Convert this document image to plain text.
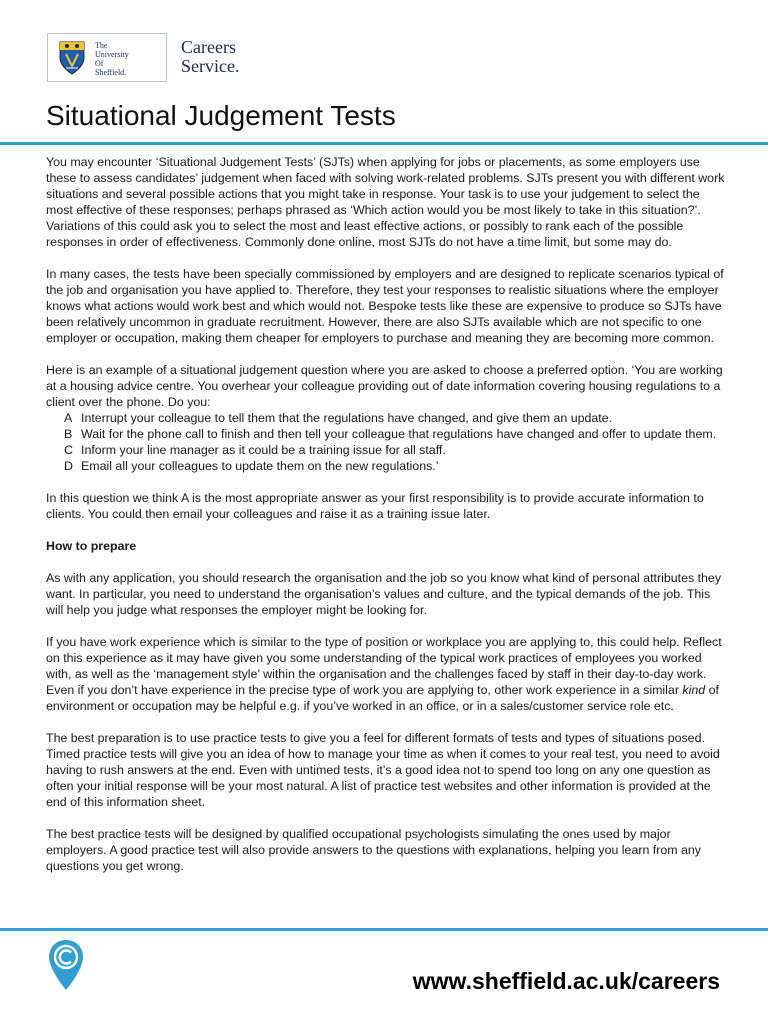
The
University
Of
Sheffield.
Careers
Service.
Situational Judgement Tests

You may encounter ‘Situational Judgement Tests’ (SJTs) when applying for jobs or placements, as some employers use these to assess candidates’ judgement when faced with solving work-related problems. SJTs present you with different work situations and several possible actions that you might take in response. Your task is to use your judgement to select the most effective of these responses; perhaps phrased as ‘Which action would you be most likely to take in this situation?’. Variations of this could ask you to select the most and least effective actions, or possibly to rank each of the possible responses in order of effectiveness. Commonly done online, most SJTs do not have a time limit, but some may do.

In many cases, the tests have been specially commissioned by employers and are designed to replicate scenarios typical of the job and organisation you have applied to. Therefore, they test your responses to realistic situations where the employer knows what actions would work best and which would not. Bespoke tests like these are expensive to produce so SJTs have been relatively uncommon in graduate recruitment. However, there are also SJTs available which are not specific to one employer or occupation, making them cheaper for employers to purchase and meaning they are becoming more common.

Here is an example of a situational judgement question where you are asked to choose a preferred option. ‘You are working at a housing advice centre. You overhear your colleague providing out of date information covering housing regulations to a client over the phone. Do you:

A Interrupt your colleague to tell them that the regulations have changed, and give them an update.
B Wait for the phone call to finish and then tell your colleague that regulations have changed and offer to update them.
C Inform your line manager as it could be a training issue for all staff.
D Email all your colleagues to update them on the new regulations.’

In this question we think A is the most appropriate answer as your first responsibility is to provide accurate information to clients. You could then email your colleagues and raise it as a training issue later.

How to prepare

As with any application, you should research the organisation and the job so you know what kind of personal attributes they want. In particular, you need to understand the organisation’s values and culture, and the typical demands of the job. This will help you judge what responses the employer might be looking for.

If you have work experience which is similar to the type of position or workplace you are applying to, this could help. Reflect on this experience as it may have given you some understanding of the typical work practices of employees you worked with, as well as the ‘management style’ within the organisation and the challenges faced by staff in their day-to-day work. Even if you don’t have experience in the precise type of work you are applying to, other work experience in a similar kind of environment or occupation may be helpful e.g. if you’ve worked in an office, or in a sales/customer service role etc.

The best preparation is to use practice tests to give you a feel for different formats of tests and types of situations posed. Timed practice tests will give you an idea of how to manage your time as when it comes to your real test, you need to avoid having to rush answers at the end. Even with untimed tests, it’s a good idea not to spend too long on any one question as often your initial response will be your most natural. A list of practice test websites and other information is provided at the end of this information sheet.

The best practice tests will be designed by qualified occupational psychologists simulating the ones used by major employers. A good practice test will also provide answers to the questions with explanations, helping you learn from any questions you get wrong.

www.sheffield.ac.uk/careers
